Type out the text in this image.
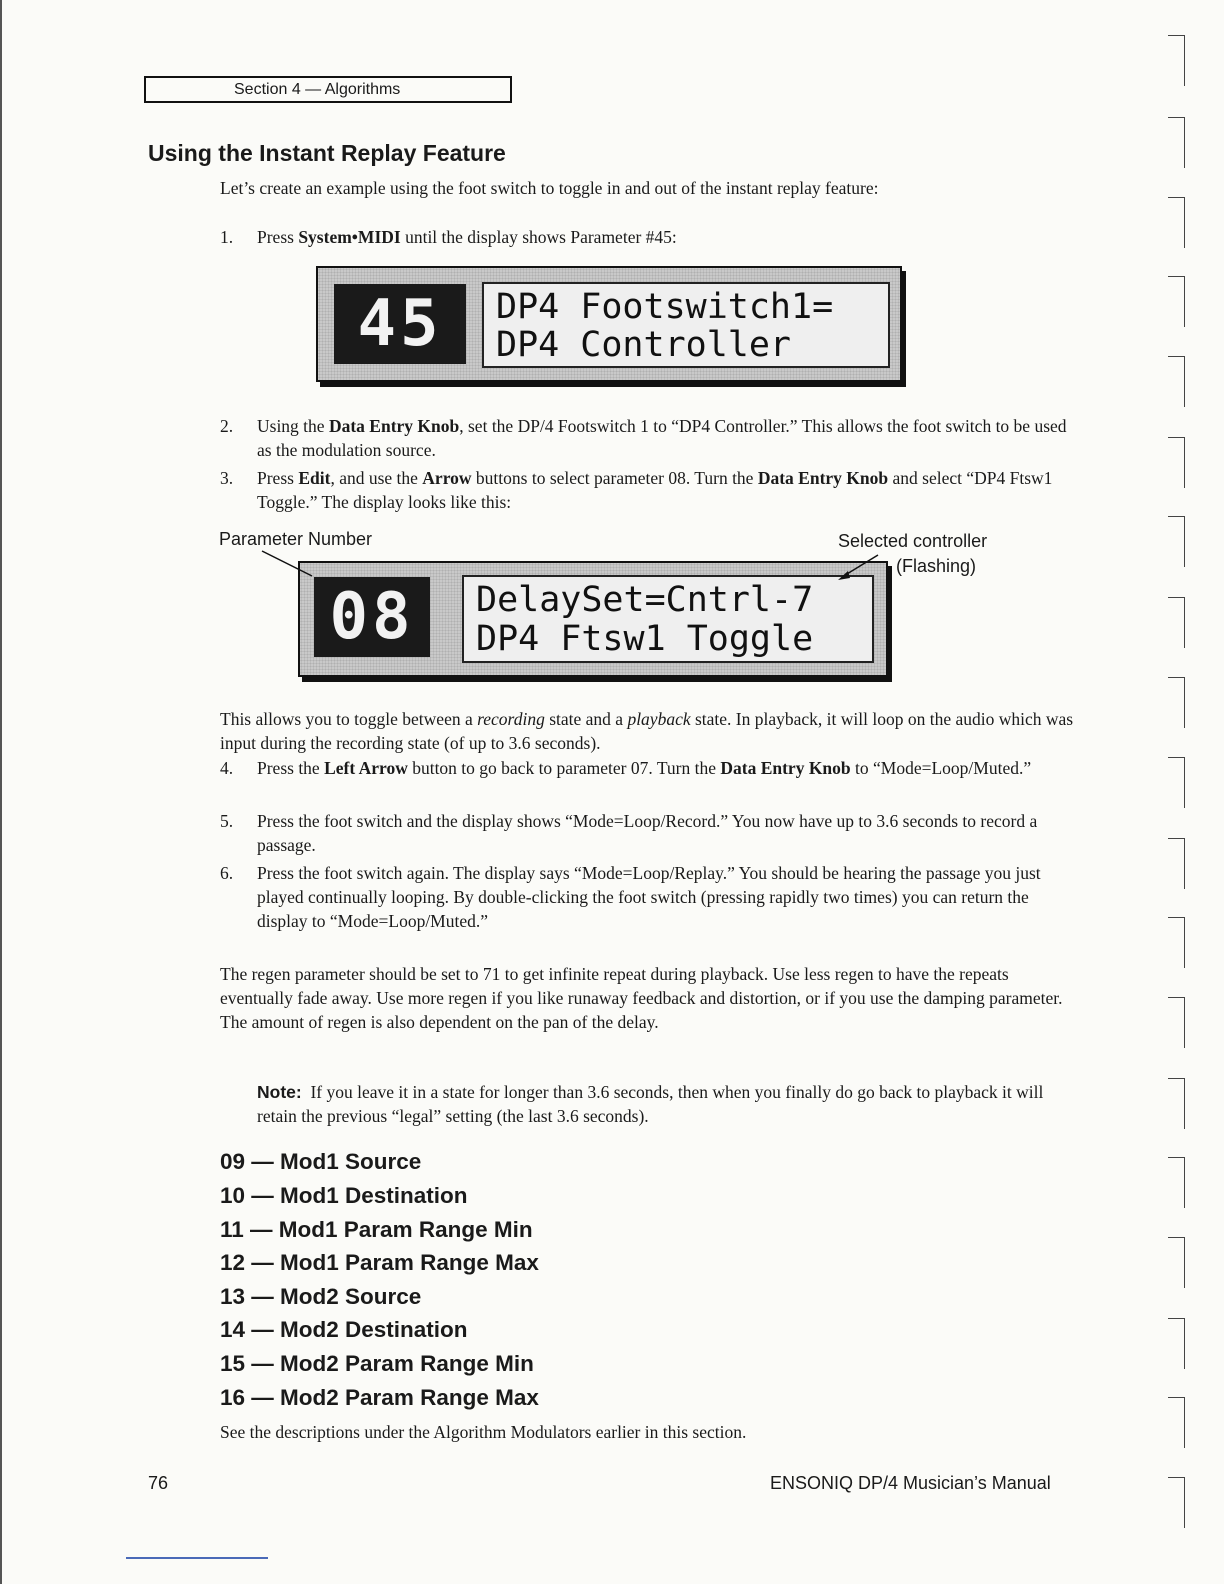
Section 4 — Algorithms
Using the Instant Replay Feature
Let’s create an example using the foot switch to toggle in and out of the instant replay feature:
1. Press System•MIDI until the display shows Parameter #45:
45	DP4 Footswitch1=
DP4 Controller
2. Using the Data Entry Knob, set the DP/4 Footswitch 1 to “DP4 Controller.” This allows the foot switch to be used as the modulation source.
3. Press Edit, and use the Arrow buttons to select parameter 08. Turn the Data Entry Knob and select “DP4 Ftsw1 Toggle.” The display looks like this:
Parameter Number	Selected controller
(Flashing)
08	DelaySet=Cntrl-7
DP4 Ftsw1 Toggle
This allows you to toggle between a recording state and a playback state. In playback, it will loop on the audio which was input during the recording state (of up to 3.6 seconds).
4. Press the Left Arrow button to go back to parameter 07. Turn the Data Entry Knob to “Mode=Loop/Muted.”
5. Press the foot switch and the display shows “Mode=Loop/Record.” You now have up to 3.6 seconds to record a passage.
6. Press the foot switch again. The display says “Mode=Loop/Replay.” You should be hearing the passage you just played continually looping. By double-clicking the foot switch (pressing rapidly two times) you can return the display to “Mode=Loop/Muted.”
The regen parameter should be set to 71 to get infinite repeat during playback. Use less regen to have the repeats eventually fade away. Use more regen if you like runaway feedback and distortion, or if you use the damping parameter. The amount of regen is also dependent on the pan of the delay.
Note: If you leave it in a state for longer than 3.6 seconds, then when you finally do go back to playback it will retain the previous “legal” setting (the last 3.6 seconds).
09 — Mod1 Source
10 — Mod1 Destination
11 — Mod1 Param Range Min
12 — Mod1 Param Range Max
13 — Mod2 Source
14 — Mod2 Destination
15 — Mod2 Param Range Min
16 — Mod2 Param Range Max
See the descriptions under the Algorithm Modulators earlier in this section.
76	ENSONIQ DP/4 Musician’s Manual
